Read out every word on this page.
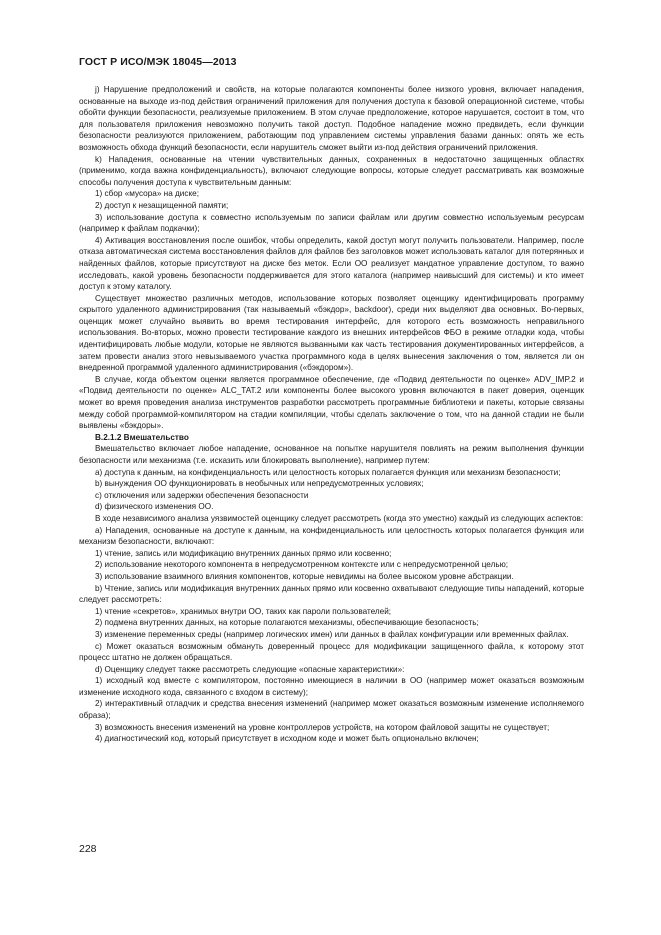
ГОСТ Р ИСО/МЭК 18045—2013

j) Нарушение предположений и свойств, на которые полагаются компоненты более низкого уровня, включает нападения, основанные на выходе из-под действия ограничений приложения для получения доступа к базовой операционной системе, чтобы обойти функции безопасности, реализуемые приложением. В этом случае предположение, которое нарушается, состоит в том, что для пользователя приложения невозможно получить такой доступ. Подобное нападение можно предвидеть, если функции безопасности реализуются приложением, работающим под управлением системы управления базами данных: опять же есть возможность обхода функций безопасности, если нарушитель сможет выйти из-под действия ограничений приложения.

k) Нападения, основанные на чтении чувствительных данных, сохраненных в недостаточно защищенных областях (применимо, когда важна конфиденциальность), включают следующие вопросы, которые следует рассматривать как возможные способы получения доступа к чувствительным данным:

1) сбор «мусора» на диске;

2) доступ к незащищенной памяти;

3) использование доступа к совместно используемым по записи файлам или другим совместно используемым ресурсам (например к файлам подкачки);

4) Активация восстановления после ошибок, чтобы определить, какой доступ могут получить пользователи. Например, после отказа автоматическая система восстановления файлов для файлов без заголовков может использовать каталог для потерянных и найденных файлов, которые присутствуют на диске без меток. Если ОО реализует мандатное управление доступом, то важно исследовать, какой уровень безопасности поддерживается для этого каталога (например наивысший для системы) и кто имеет доступ к этому каталогу.

Существует множество различных методов, использование которых позволяет оценщику идентифицировать программу скрытого удаленного администрирования (так называемый «бэкдор», backdoor), среди них выделяют два основных. Во-первых, оценщик может случайно выявить во время тестирования интерфейс, для которого есть возможность неправильного использования. Во-вторых, можно провести тестирование каждого из внешних интерфейсов ФБО в режиме отладки кода, чтобы идентифицировать любые модули, которые не являются вызванными как часть тестирования документированных интерфейсов, а затем провести анализ этого невызываемого участка программного кода в целях вынесения заключения о том, является ли он внедренной программой удаленного администрирования («бэкдором»).

В случае, когда объектом оценки является программное обеспечение, где «Подвид деятельности по оценке» ADV_IMP.2 и «Подвид деятельности по оценке» ALC_TAT.2 или компоненты более высокого уровня включаются в пакет доверия, оценщик может во время проведения анализа инструментов разработки рассмотреть программные библиотеки и пакеты, которые связаны между собой программой-компилятором на стадии компиляции, чтобы сделать заключение о том, что на данной стадии не были выявлены «бэкдоры».

В.2.1.2 Вмешательство

Вмешательство включает любое нападение, основанное на попытке нарушителя повлиять на режим выполнения функции безопасности или механизма (т.е. исказить или блокировать выполнение), например путем:

a) доступа к данным, на конфиденциальность или целостность которых полагается функция или механизм безопасности;

b) вынуждения ОО функционировать в необычных или непредусмотренных условиях;

c) отключения или задержки обеспечения безопасности

d) физического изменения ОО.

В ходе независимого анализа уязвимостей оценщику следует рассмотреть (когда это уместно) каждый из следующих аспектов:

a) Нападения, основанные на доступе к данным, на конфиденциальность или целостность которых полагается функция или механизм безопасности, включают:

1) чтение, запись или модификацию внутренних данных прямо или косвенно;

2) использование некоторого компонента в непредусмотренном контексте или с непредусмотренной целью;

3) использование взаимного влияния компонентов, которые невидимы на более высоком уровне абстракции.

b) Чтение, запись или модификация внутренних данных прямо или косвенно охватывают следующие типы нападений, которые следует рассмотреть:

1) чтение «секретов», хранимых внутри ОО, таких как пароли пользователей;

2) подмена внутренних данных, на которые полагаются механизмы, обеспечивающие безопасность;

3) изменение переменных среды (например логических имен) или данных в файлах конфигурации или временных файлах.

c) Может оказаться возможным обмануть доверенный процесс для модификации защищенного файла, к которому этот процесс штатно не должен обращаться.

d) Оценщику следует также рассмотреть следующие «опасные характеристики»:

1) исходный код вместе с компилятором, постоянно имеющиеся в наличии в ОО (например может оказаться возможным изменение исходного кода, связанного с входом в систему);

2) интерактивный отладчик и средства внесения изменений (например может оказаться возможным изменение исполняемого образа);

3) возможность внесения изменений на уровне контроллеров устройств, на котором файловой защиты не существует;

4) диагностический код, который присутствует в исходном коде и может быть опционально включен;

228
